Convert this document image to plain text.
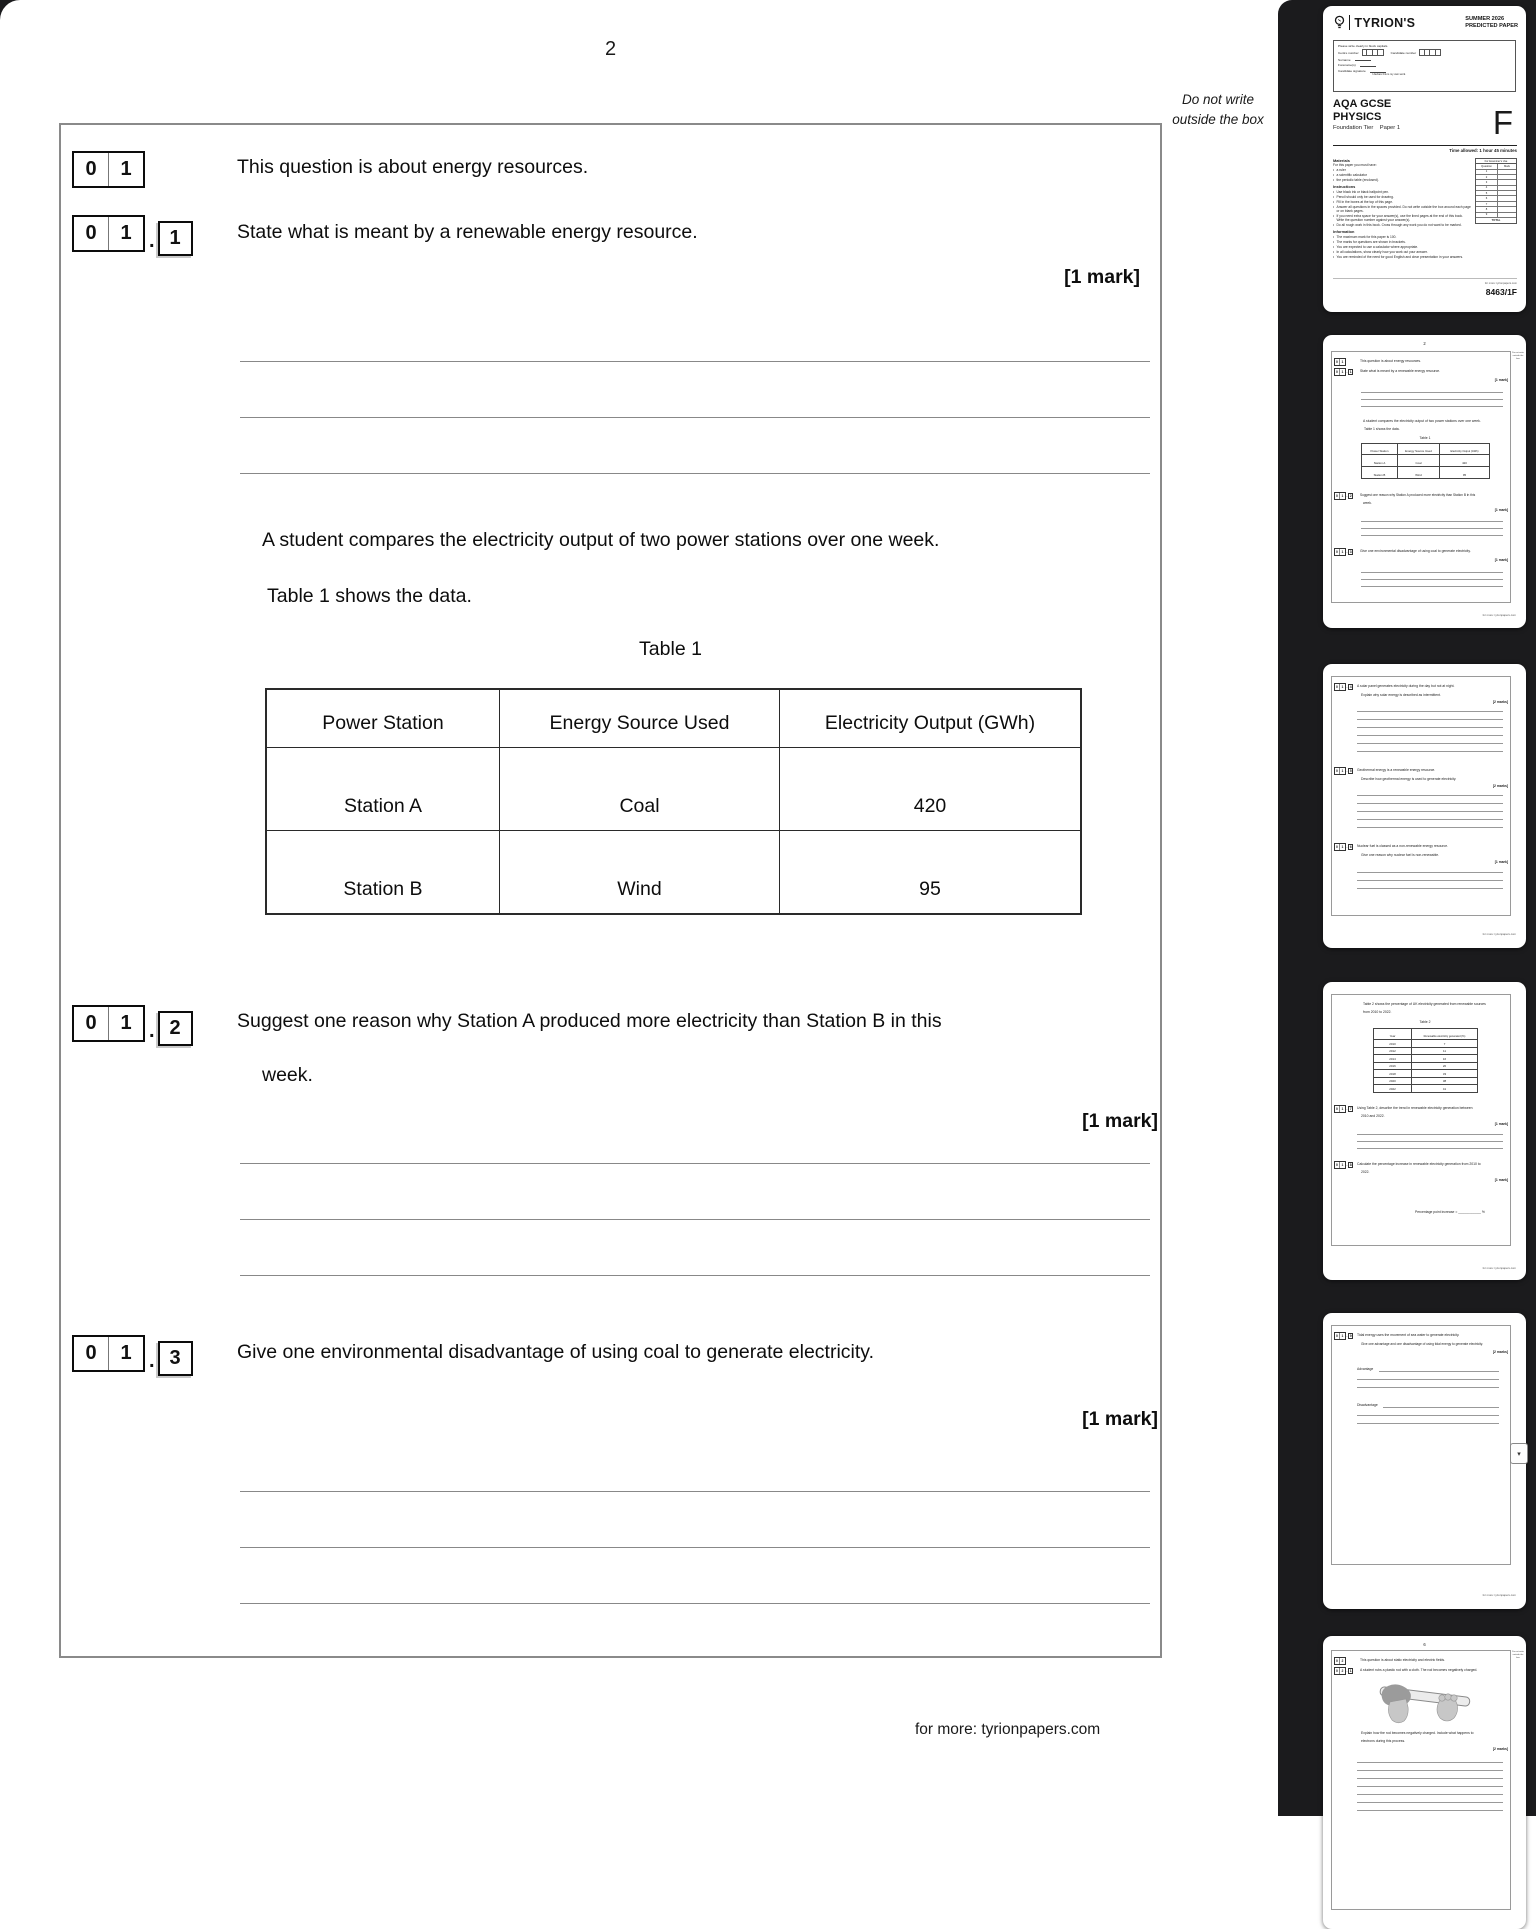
2
Do not write outside the box
0	1	This question is about energy resources.
0	1 . 1	State what is meant by a renewable energy resource.
[1 mark]
A student compares the electricity output of two power stations over one week.
Table 1 shows the data.
Table 1
Power Station	Energy Source Used	Electricity Output (GWh)
Station A	Coal	420
Station B	Wind	95
0	1 . 2	Suggest one reason why Station A produced more electricity than Station B in this
week.
[1 mark]
0	1 . 3	Give one environmental disadvantage of using coal to generate electricity.
[1 mark]
for more: tyrionpapers.com
TYRION'S	SUMMER 2026
PREDICTED PAPER
Please write clearly in block capitals.
Centre number	Candidate number
Surname
Forename(s)
Candidate signature
I declare this is my own work.
AQA GCSE
PHYSICS
Foundation Tier Paper 1	F
Time allowed: 1 hour 45 minutes
Materials
For this paper you must have:
• a ruler
• a scientific calculator
• the periodic table (enclosed).
Instructions
• Use black ink or black ballpoint pen.
• Pencil should only be used for drawing.
• Fill in the boxes at the top of this page.
• Answer all questions in the spaces provided. Do not write outside the box around each page or on blank pages.
• If you need extra space for your answer(s), use the lined pages at the end of this book. Write the question number against your answer(s).
• Do all rough work in this book. Cross through any work you do not want to be marked.
Information
• The maximum mark for this paper is 100.
• The marks for questions are shown in brackets.
• You are expected to use a calculator where appropriate.
• In all calculations, show clearly how you work out your answer.
• You are reminded of the need for good English and clear presentation in your answers.
For Examiner's Use
Question	Mark
1
2
3
4
5
6
7
8
9
TOTAL
for more: tyrionpapers.com
8463/1F
2
Do not write outside the box
0	1	This question is about energy resources.
0	1 . 1	State what is meant by a renewable energy resource.
[1 mark]
A student compares the electricity output of two power stations over one week.
Table 1 shows the data.
Table 1
Power Station	Energy Source Used	Electricity Output (GWh)
Station A	Coal	420
Station B	Wind	95
0	1 . 2	Suggest one reason why Station A produced more electricity than Station B in this
week.
[1 mark]
0	1 . 3	Give one environmental disadvantage of using coal to generate electricity.
[1 mark]
for more: tyrionpapers.com
0	1 . 4	A solar panel generates electricity during the day but not at night.
Explain why solar energy is described as intermittent.
[2 marks]
0	1 . 5	Geothermal energy is a renewable energy resource.
Describe how geothermal energy is used to generate electricity.
[2 marks]
0	1 . 6	Nuclear fuel is classed as a non-renewable energy resource.
Give one reason why nuclear fuel is non-renewable.
[1 mark]
for more: tyrionpapers.com
Table 2 shows the percentage of UK electricity generated from renewable sources
from 2010 to 2022.
Table 2
Year	Renewable electricity generated (%)
2010	7
2012	11
2014	16
2016	20
2018	33
2020	38
2022	41
0	1 . 7	Using Table 2, describe the trend in renewable electricity generation between
2010 and 2022.
[1 mark]
0	1 . 8	Calculate the percentage increase in renewable electricity generation from 2010 to
2022.
[1 mark]
Percentage point increase = ____________ %
for more: tyrionpapers.com
0	1 . 9	Tidal energy uses the movement of sea water to generate electricity.
Give one advantage and one disadvantage of using tidal energy to generate electricity.
[2 marks]
Advantage
Disadvantage
for more: tyrionpapers.com
6
Do not write outside the box
0	2	This question is about static electricity and electric fields.
0	2 . 1	A student rubs a plastic rod with a cloth. The rod becomes negatively charged.
Explain how the rod becomes negatively charged. Include what happens to
electrons during this process.
[2 marks]
▾
